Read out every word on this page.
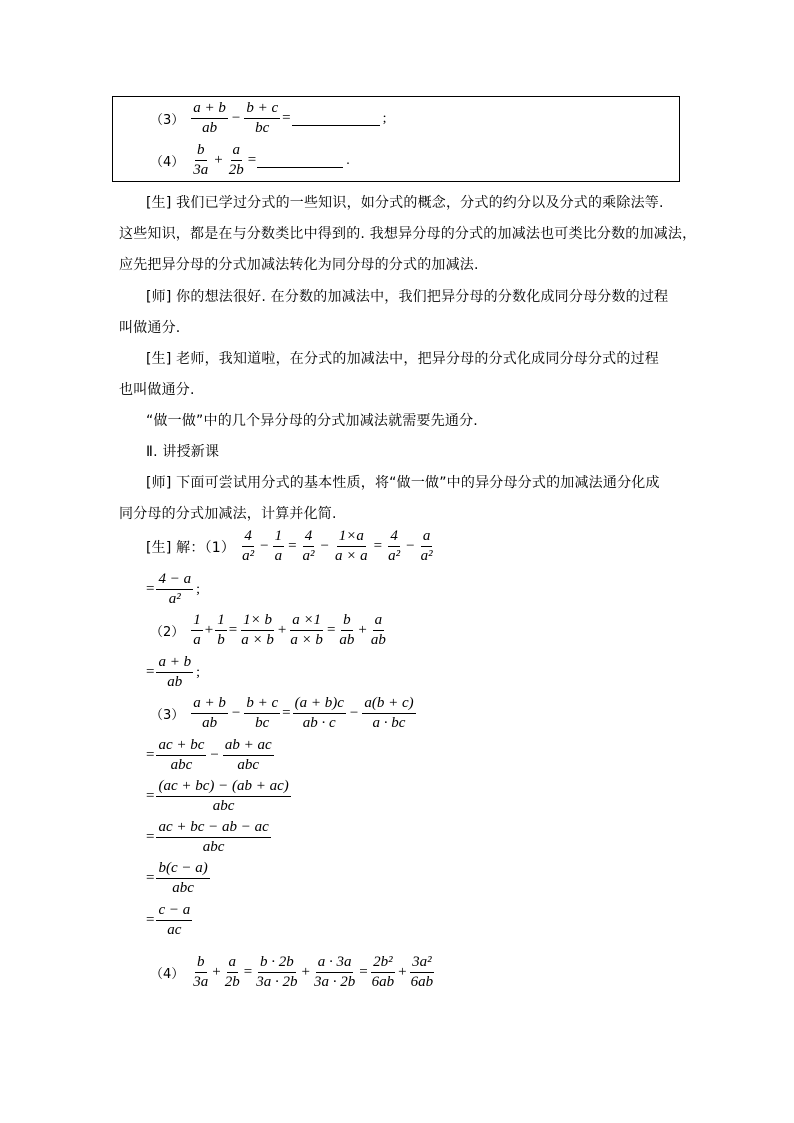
$(3) \frac{a + b}{ab} - \frac{b + c}{bc}$ =	;
$(4) \frac{b}{3a} + \frac{a}{2b}$ =	.
[生] 我们已学过分式的一些知识，如分式的概念，分式的约分以及分式的乘除法等.
这些知识，都是在与分数类比中得到的. 我想异分母的分式的加减法也可类比分数的加减法，
应先把异分母的分式加减法转化为同分母的分式的加减法.
[师] 你的想法很好. 在分数的加减法中，我们把异分母的分数化成同分母分数的过程
叫做通分.
[生] 老师，我知道啦，在分式的加减法中，把异分母的分式化成同分母分式的过程
也叫做通分.
“做一做”中的几个异分母的分式加减法就需要先通分.
Ⅱ. 讲授新课
[师] 下面可尝试用分式的基本性质，将“做一做”中的异分母分式的加减法通分化成
同分母的分式加减法，计算并化简.
[生] 解：$(1) \frac{4}{\text{a²}} - \frac{1}{a} = \frac{4}{\text{a²}} - \frac{1\times a}{a \times a} = \frac{4}{\text{a²}} - \frac{a}{\text{a²}}$
= $\frac{4 - a}{\text{a²}}$ ;
$(2) \frac{1}{a} + \frac{1}{b} = \frac{1\times b}{a \times b} + \frac{a \times 1}{a \times b} = \frac{b}{ab} + \frac{a}{ab}$
= $\frac{a + b}{ab}$ ;
$(3) \frac{a + b}{ab} - \frac{b + c}{bc} = \frac{(a + b)c}{ab \cdot c} - \frac{a(b + c)}{a \cdot bc}$
= $\frac{ac + bc}{\text{abc}} - \frac{ab + ac}{\text{abc}}$
= $\frac{(ac + bc) - (ab + ac)}{\text{abc}}$
= $\frac{ac + bc - ab - ac}{\text{abc}}$
= $\frac{b(c - a)}{\text{abc}}$
= $\frac{c - a}{ac}$
$(4) \frac{b}{3a} + \frac{a}{2b} = \frac{b \cdot 2b}{3a \cdot 2b} + \frac{a \cdot 3a}{3a \cdot 2b} = \frac{\text{2b²}}{6ab} + \frac{\text{3a²}}{6ab}$
